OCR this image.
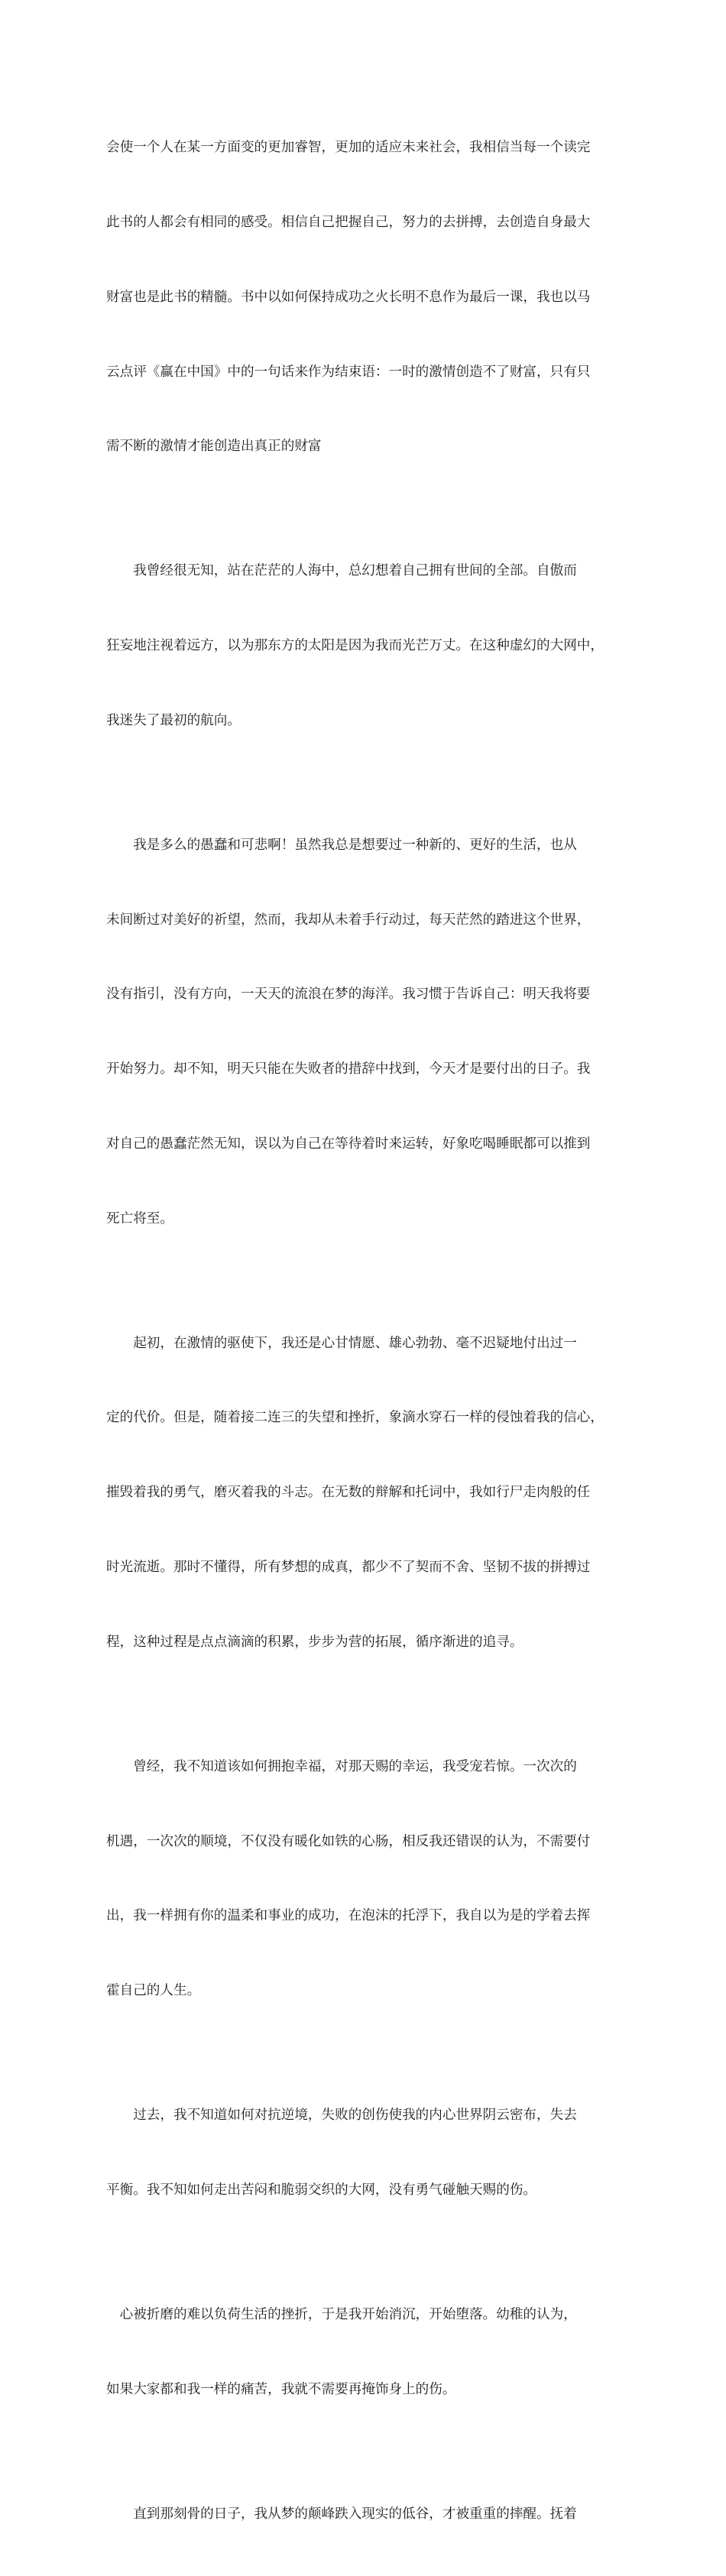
会使一个人在某一方面变的更加睿智，更加的适应未来社会，我相信当每一个读完

此书的人都会有相同的感受。相信自己把握自己，努力的去拼搏，去创造自身最大

财富也是此书的精髓。书中以如何保持成功之火长明不息作为最后一课，我也以马

云点评《赢在中国》中的一句话来作为结束语：一时的激情创造不了财富，只有只

需不断的激情才能创造出真正的财富

　　我曾经很无知，站在茫茫的人海中，总幻想着自己拥有世间的全部。自傲而

狂妄地注视着远方，以为那东方的太阳是因为我而光芒万丈。在这种虚幻的大网中，

我迷失了最初的航向。

　　我是多么的愚蠢和可悲啊！虽然我总是想要过一种新的、更好的生活，也从

未间断过对美好的祈望，然而，我却从未着手行动过，每天茫然的踏进这个世界，

没有指引，没有方向，一天天的流浪在梦的海洋。我习惯于告诉自己：明天我将要

开始努力。却不知，明天只能在失败者的措辞中找到，今天才是要付出的日子。我

对自己的愚蠢茫然无知，误以为自己在等待着时来运转，好象吃喝睡眠都可以推到

死亡将至。

　　起初，在激情的驱使下，我还是心甘情愿、雄心勃勃、毫不迟疑地付出过一

定的代价。但是，随着接二连三的失望和挫折，象滴水穿石一样的侵蚀着我的信心，

摧毁着我的勇气，磨灭着我的斗志。在无数的辩解和托词中，我如行尸走肉般的任

时光流逝。那时不懂得，所有梦想的成真，都少不了契而不舍、坚韧不拔的拼搏过

程，这种过程是点点滴滴的积累，步步为营的拓展，循序渐进的追寻。

　　曾经，我不知道该如何拥抱幸福，对那天赐的幸运，我受宠若惊。一次次的

机遇，一次次的顺境，不仅没有暖化如铁的心肠，相反我还错误的认为，不需要付

出，我一样拥有你的温柔和事业的成功，在泡沫的托浮下，我自以为是的学着去挥

霍自己的人生。

　　过去，我不知道如何对抗逆境，失败的创伤使我的内心世界阴云密布，失去

平衡。我不知如何走出苦闷和脆弱交织的大网，没有勇气碰触天赐的伤。

　心被折磨的难以负荷生活的挫折，于是我开始消沉，开始堕落。幼稚的认为，

如果大家都和我一样的痛苦，我就不需要再掩饰身上的伤。

　　直到那刻骨的日子，我从梦的颠峰跌入现实的低谷，才被重重的摔醒。抚着
